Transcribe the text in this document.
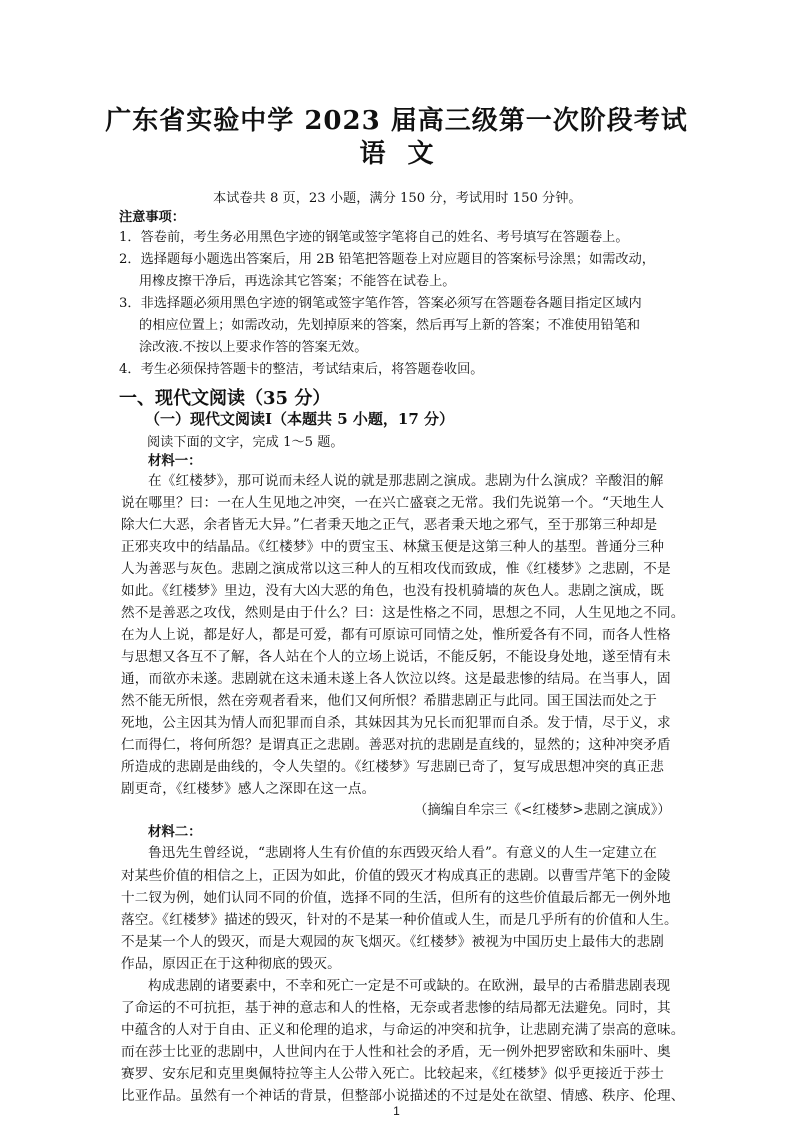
广东省实验中学 2023 届高三级第一次阶段考试
语文
本试卷共 8 页，23 小题，满分 150 分，考试用时 150 分钟。
注意事项：
1．答卷前，考生务必用黑色字迹的钢笔或签字笔将自己的姓名、考号填写在答题卷上。
2．选择题每小题选出答案后，用 2B 铅笔把答题卷上对应题目的答案标号涂黑；如需改动，
用橡皮擦干净后，再选涂其它答案；不能答在试卷上。
3．非选择题必须用黑色字迹的钢笔或签字笔作答，答案必须写在答题卷各题目指定区域内
的相应位置上；如需改动，先划掉原来的答案，然后再写上新的答案；不准使用铅笔和
涂改液.不按以上要求作答的答案无效。
4．考生必须保持答题卡的整洁，考试结束后，将答题卷收回。
一、现代文阅读（35 分）
（一）现代文阅读Ⅰ（本题共 5 小题，17 分）
阅读下面的文字，完成 1～5 题。
材料一：
在《红楼梦》，那可说而未经人说的就是那悲剧之演成。悲剧为什么演成？辛酸泪的解
说在哪里？曰：一在人生见地之冲突，一在兴亡盛衰之无常。我们先说第一个。“天地生人
除大仁大恶，余者皆无大异。”仁者秉天地之正气，恶者秉天地之邪气，至于那第三种却是
正邪夹攻中的结晶品。《红楼梦》中的贾宝玉、林黛玉便是这第三种人的基型。普通分三种
人为善恶与灰色。悲剧之演成常以这三种人的互相攻伐而致成，惟《红楼梦》之悲剧，不是
如此。《红楼梦》里边，没有大凶大恶的角色，也没有投机骑墙的灰色人。悲剧之演成，既
然不是善恶之攻伐，然则是由于什么？曰：这是性格之不同，思想之不同，人生见地之不同。
在为人上说，都是好人，都是可爱，都有可原谅可同情之处，惟所爱各有不同，而各人性格
与思想又各互不了解，各人站在个人的立场上说话，不能反躬，不能设身处地，遂至情有未
通，而欲亦未遂。悲剧就在这未通未遂上各人饮泣以终。这是最悲惨的结局。在当事人，固
然不能无所恨，然在旁观者看来，他们又何所恨？希腊悲剧正与此同。国王国法而处之于
死地，公主因其为情人而犯罪而自杀，其妹因其为兄长而犯罪而自杀。发于情，尽于义，求
仁而得仁，将何所怨？是谓真正之悲剧。善恶对抗的悲剧是直线的，显然的；这种冲突矛盾
所造成的悲剧是曲线的，令人失望的。《红楼梦》写悲剧已奇了，复写成思想冲突的真正悲
剧更奇，《红楼梦》感人之深即在这一点。
（摘编自牟宗三《<红楼梦>悲剧之演成》）
材料二：
鲁迅先生曾经说，“悲剧将人生有价值的东西毁灭给人看”。有意义的人生一定建立在
对某些价值的相信之上，正因为如此，价值的毁灭才构成真正的悲剧。以曹雪芹笔下的金陵
十二钗为例，她们认同不同的价值，选择不同的生活，但所有的这些价值最后都无一例外地
落空。《红楼梦》描述的毁灭，针对的不是某一种价值或人生，而是几乎所有的价值和人生。
不是某一个人的毁灭，而是大观园的灰飞烟灭。《红楼梦》被视为中国历史上最伟大的悲剧
作品，原因正在于这种彻底的毁灭。
构成悲剧的诸要素中，不幸和死亡一定是不可或缺的。在欧洲，最早的古希腊悲剧表现
了命运的不可抗拒，基于神的意志和人的性格，无奈或者悲惨的结局都无法避免。同时，其
中蕴含的人对于自由、正义和伦理的追求，与命运的冲突和抗争，让悲剧充满了崇高的意味。
而在莎士比亚的悲剧中，人世间内在于人性和社会的矛盾，无一例外把罗密欧和朱丽叶、奥
赛罗、安东尼和克里奥佩特拉等主人公带入死亡。比较起来，《红楼梦》似乎更接近于莎士
比亚作品。虽然有一个神话的背景，但整部小说描述的不过是处在欲望、情感、秩序、伦理、
1
